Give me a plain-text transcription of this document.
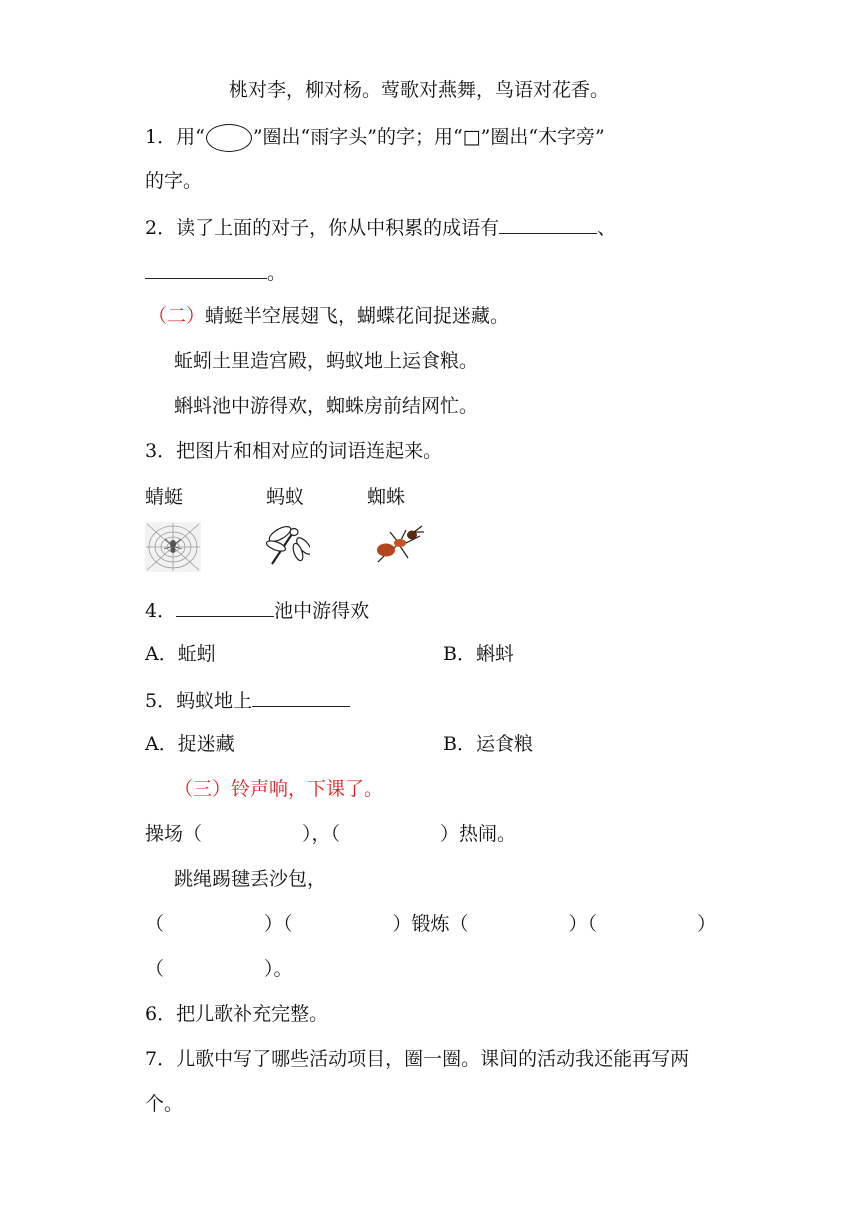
桃对李，柳对杨。莺歌对燕舞，鸟语对花香。
1．用“	”圈出“雨字头”的字；用“□”圈出“木字旁”
的字。
2．读了上面的对子，你从中积累的成语有	、
。
（二）蜻蜓半空展翅飞，蝴蝶花间捉迷藏。
蚯蚓土里造宫殿，蚂蚁地上运食粮。
蝌蚪池中游得欢，蜘蛛房前结网忙。
3．把图片和相对应的词语连起来。
蜻蜓	蚂蚁	蜘蛛
4．	池中游得欢
A．蚯蚓	B．蝌蚪
5．蚂蚁地上
A．捉迷藏	B．运食粮
（三）铃声响，下课了。
操场（	），（	）热闹。
跳绳踢毽丢沙包，
（	）（	）锻炼（	）（	）
（	）。
6．把儿歌补充完整。
7．儿歌中写了哪些活动项目，圈一圈。课间的活动我还能再写两
个。
